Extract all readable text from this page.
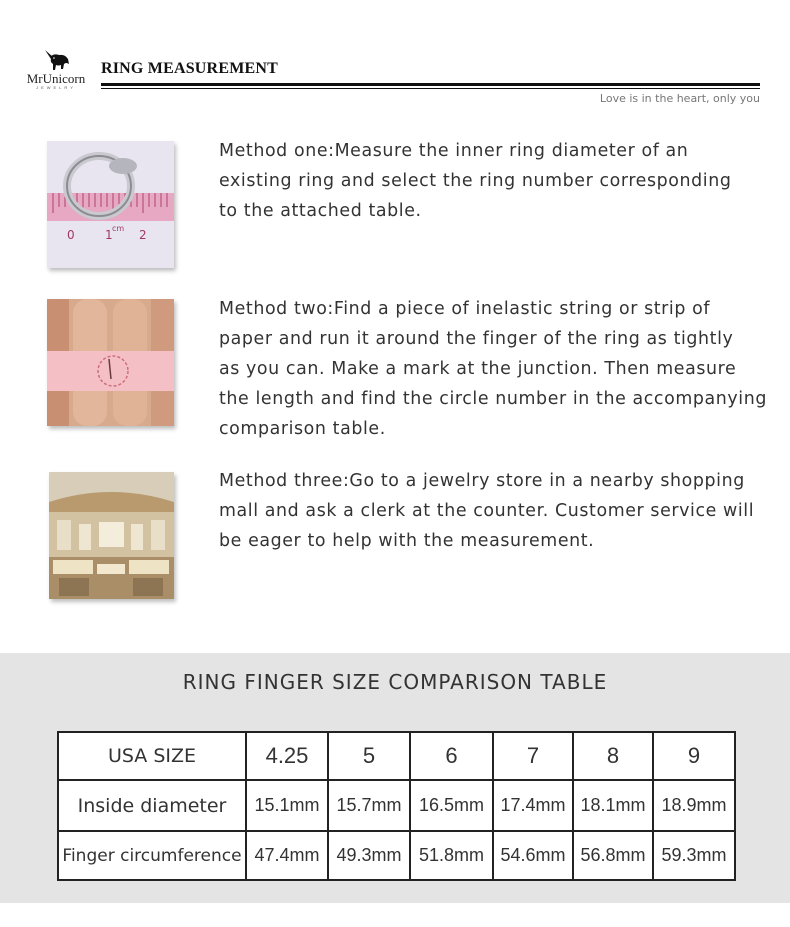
MrUnicorn
JEWELRY
RING MEASUREMENT
Love is in the heart, only you
0	1 cm 2
Method one:Measure the inner ring diameter of an
existing ring and select the ring number corresponding
to the attached table.
Method two:Find a piece of inelastic string or strip of
paper and run it around the finger of the ring as tightly
as you can. Make a mark at the junction. Then measure
the length and find the circle number in the accompanying
comparison table.
Method three:Go to a jewelry store in a nearby shopping
mall and ask a clerk at the counter. Customer service will
be eager to help with the measurement.
RING FINGER SIZE COMPARISON TABLE
USA SIZE	4.25	5	6	7	8	9
Inside diameter	15.1mm	15.7mm	16.5mm	17.4mm	18.1mm	18.9mm
Finger circumference	47.4mm	49.3mm	51.8mm	54.6mm	56.8mm	59.3mm
